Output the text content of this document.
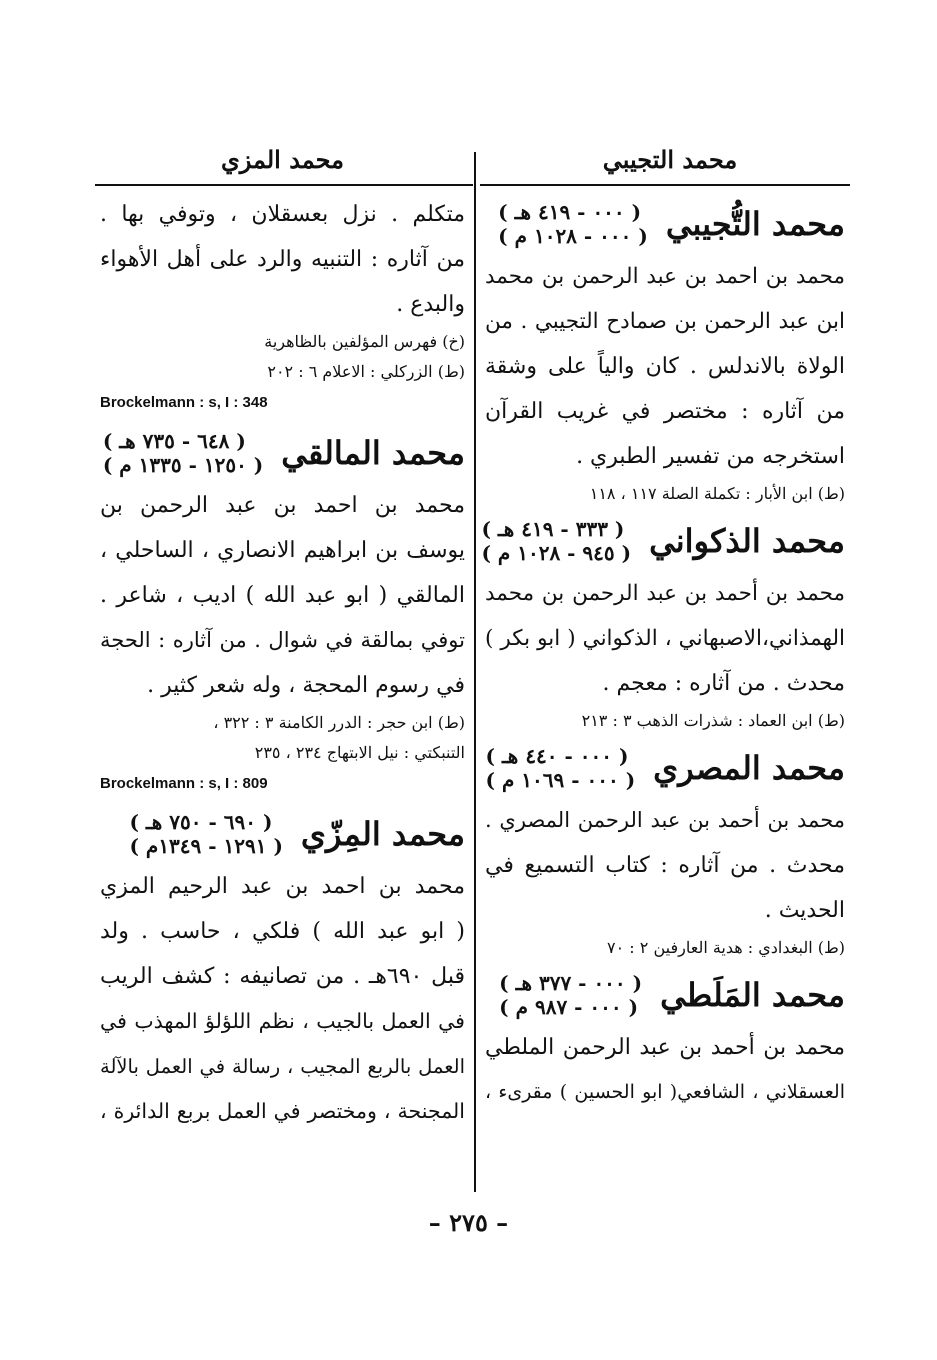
محمد التجيبي
محمد المزي
محمد التُّجيبي
( ٠٠٠ - ٤١٩ هـ )
( ٠٠٠ - ١٠٢٨ م )
محمد بن احمد بن عبد الرحمن بن محمد
ابن عبد الرحمن بن صمادح التجيبي . من
الولاة بالاندلس . كان والياً على وشقة
من آثاره : مختصر في غريب القرآن
استخرجه من تفسير الطبري .
(ط) ابن الأبار : تكملة الصلة ١١٧ ، ١١٨
محمد الذكواني
( ٣٣٣ - ٤١٩ هـ )
( ٩٤٥ - ١٠٢٨ م )
محمد بن أحمد بن عبد الرحمن بن محمد
الهمذاني،الاصبهاني ، الذكواني ( ابو بكر )
محدث . من آثاره : معجم .
(ط) ابن العماد : شذرات الذهب ٣ : ٢١٣
محمد المصري
( ٠٠٠ - ٤٤٠ هـ )
( ٠٠٠ - ١٠٦٩ م )
محمد بن أحمد بن عبد الرحمن المصري .
محدث . من آثاره : كتاب التسميع في
الحديث .
(ط) البغدادي : هدية العارفين ٢ : ٧٠
محمد المَلَطي
( ٠٠٠ - ٣٧٧ هـ )
( ٠٠٠ - ٩٨٧ م )
محمد بن أحمد بن عبد الرحمن الملطي
العسقلاني ، الشافعي( ابو الحسين ) مقرىء ،
متكلم . نزل بعسقلان ، وتوفي بها .
من آثاره : التنبيه والرد على أهل الأهواء
والبدع .
(خ) فهرس المؤلفين بالظاهرية
(ط) الزركلي : الاعلام ٦ : ٢٠٢
Brockelmann : s, I : 348
محمد المالقي
( ٦٤٨ - ٧٣٥ هـ )
( ١٢٥٠ - ١٣٣٥ م )
محمد بن احمد بن عبد الرحمن بن
يوسف بن ابراهيم الانصاري ، الساحلي ،
المالقي ( ابو عبد الله ) اديب ، شاعر .
توفي بمالقة في شوال . من آثاره : الحجة
في رسوم المحجة ، وله شعر كثير .
(ط) ابن حجر : الدرر الكامنة ٣ : ٣٢٢ ،
التنبكتي : نيل الابتهاج ٢٣٤ ، ٢٣٥
Brockelmann : s, I : 809
محمد المِزّي
( ٦٩٠ - ٧٥٠ هـ )
( ١٢٩١ - ١٣٤٩م )
محمد بن احمد بن عبد الرحيم المزي
( ابو عبد الله ) فلكي ، حاسب . ولد
قبل ٦٩٠هـ . من تصانيفه : كشف الريب
في العمل بالجيب ، نظم اللؤلؤ المهذب في
العمل بالربع المجيب ، رسالة في العمل بالآلة
المجنحة ، ومختصر في العمل بربع الدائرة ،
– ٢٧٥ –
